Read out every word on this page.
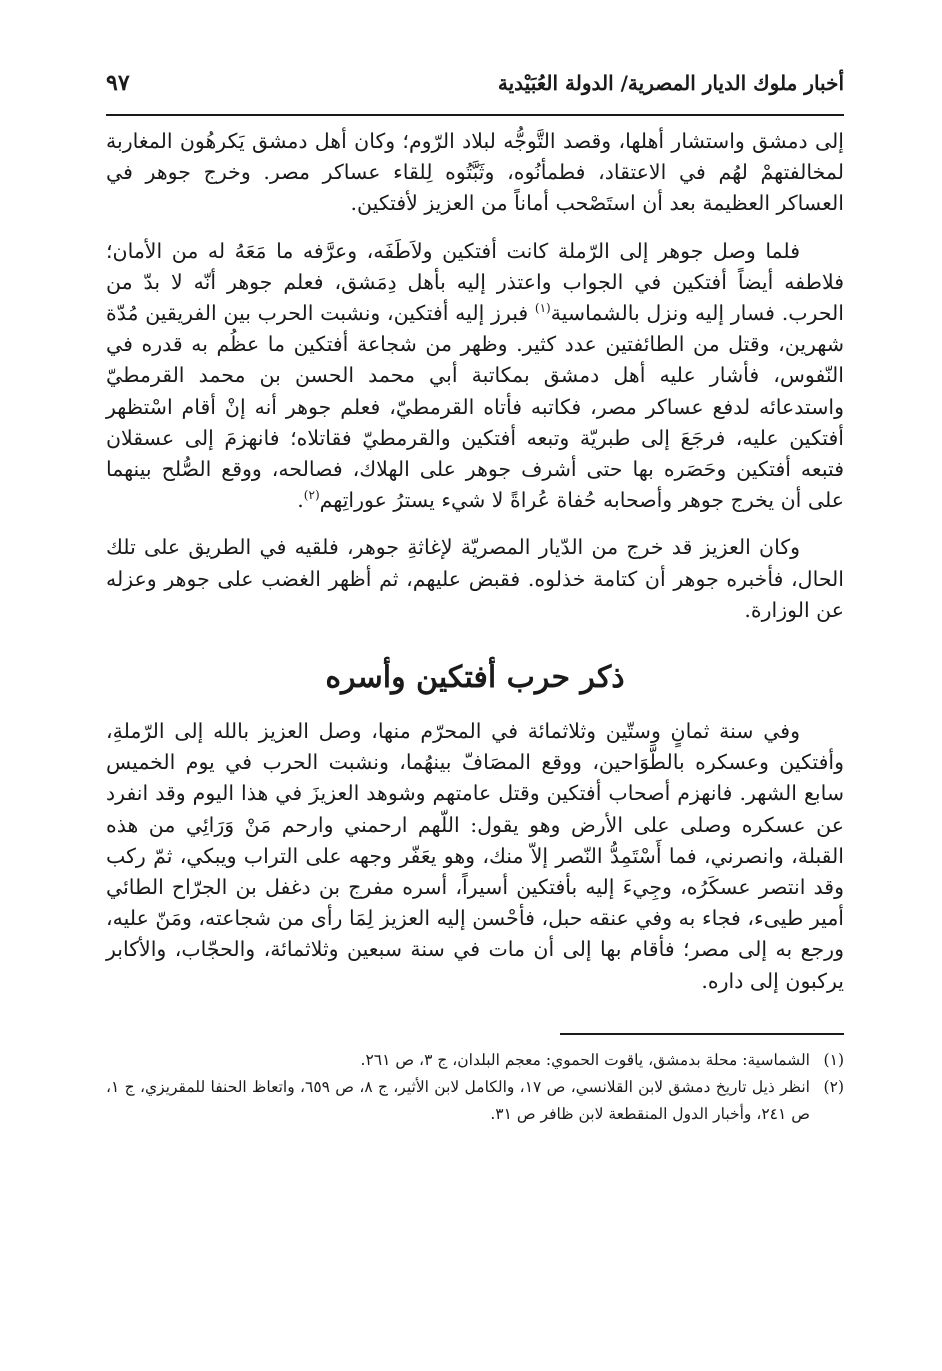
أخبار ملوك الديار المصرية/ الدولة العُبَيْدية
٩٧

إلى دمشق واستشار أهلها، وقصد التَّوجُّه لبلاد الرّوم؛ وكان أهل دمشق يَكرهُون المغاربة لمخالفتهمْ لهُم في الاعتقاد، فطمأنُوه، وثَبَّتُوه لِلقاء عساكر مصر. وخرج جوهر في العساكر العظيمة بعد أن استَصْحب أماناً من العزيز لأفتكين.

فلما وصل جوهر إلى الرّملة كانت أفتكين ولاَطَفَه، وعرَّفه ما مَعَهُ له من الأمان؛ فلاطفه أيضاً أفتكين في الجواب واعتذر إليه بأهل دِمَشق، فعلم جوهر أنّه لا بدّ من الحرب. فسار إليه ونزل بالشماسية$^{(١)}$ فبرز إليه أفتكين، ونشبت الحرب بين الفريقين مُدّة شهرين، وقتل من الطائفتين عدد كثير. وظهر من شجاعة أفتكين ما عظُم به قدره في النّفوس، فأشار عليه أهل دمشق بمكاتبة أبي محمد الحسن بن محمد القرمطيّ واستدعائه لدفع عساكر مصر، فكاتبه فأتاه القرمطيّ، فعلم جوهر أنه إنْ أقام اسْتظهر أفتكين عليه، فرجَعَ إلى طبريّة وتبعه أفتكين والقرمطيّ فقاتلاه؛ فانهزمَ إلى عسقلان فتبعه أفتكين وحَصَره بها حتى أشرف جوهر على الهلاك، فصالحه، ووقع الصُّلح بينهما على أن يخرج جوهر وأصحابه حُفاة عُراةً لا شيء يسترُ عوراتِهم$^{(٢)}$.

وكان العزيز قد خرج من الدّيار المصريّة لإغاثةِ جوهر، فلقيه في الطريق على تلك الحال، فأخبره جوهر أن كتامة خذلوه. فقبض عليهم، ثم أظهر الغضب على جوهر وعزله عن الوزارة.

ذكر حرب أفتكين وأسره

وفي سنة ثمانٍ وستّين وثلاثمائة في المحرّم منها، وصل العزيز بالله إلى الرّملةِ، وأفتكين وعسكره بالطَّوَاحين، ووقع المصَافّ بينهُما، ونشبت الحرب في يوم الخميس سابع الشهر. فانهزم أصحاب أفتكين وقتل عامتهم وشوهد العزيزَ في هذا اليوم وقد انفرد عن عسكره وصلى على الأرض وهو يقول: اللّهم ارحمني وارحم مَنْ وَرَائِي من هذه القبلة، وانصرني، فما أَسْتَمِدُّ النّصر إلاّ منك، وهو يعَفّر وجهه على التراب ويبكي، ثمّ ركب وقد انتصر عسكَرُه، وجِيءَ إليه بأفتكين أسيراً، أسره مفرج بن دغفل بن الجرّاح الطائي أمير طيىء، فجاء به وفي عنقه حبل، فأحْسن إليه العزيز لِمَا رأى من شجاعته، ومَنّ عليه، ورجع به إلى مصر؛ فأقام بها إلى أن مات في سنة سبعين وثلاثمائة، والحجّاب، والأكابر يركبون إلى داره.

(١)
الشماسية: محلة بدمشق، ياقوت الحموي: معجم البلدان، ج ٣، ص ٢٦١.
(٢)
انظر ذيل تاريخ دمشق لابن القلانسي، ص ١٧، والكامل لابن الأثير، ج ٨، ص ٦٥٩، واتعاظ الحنفا للمقريزي، ج ١، ص ٢٤١، وأخبار الدول المنقطعة لابن ظافر ص ٣١.
